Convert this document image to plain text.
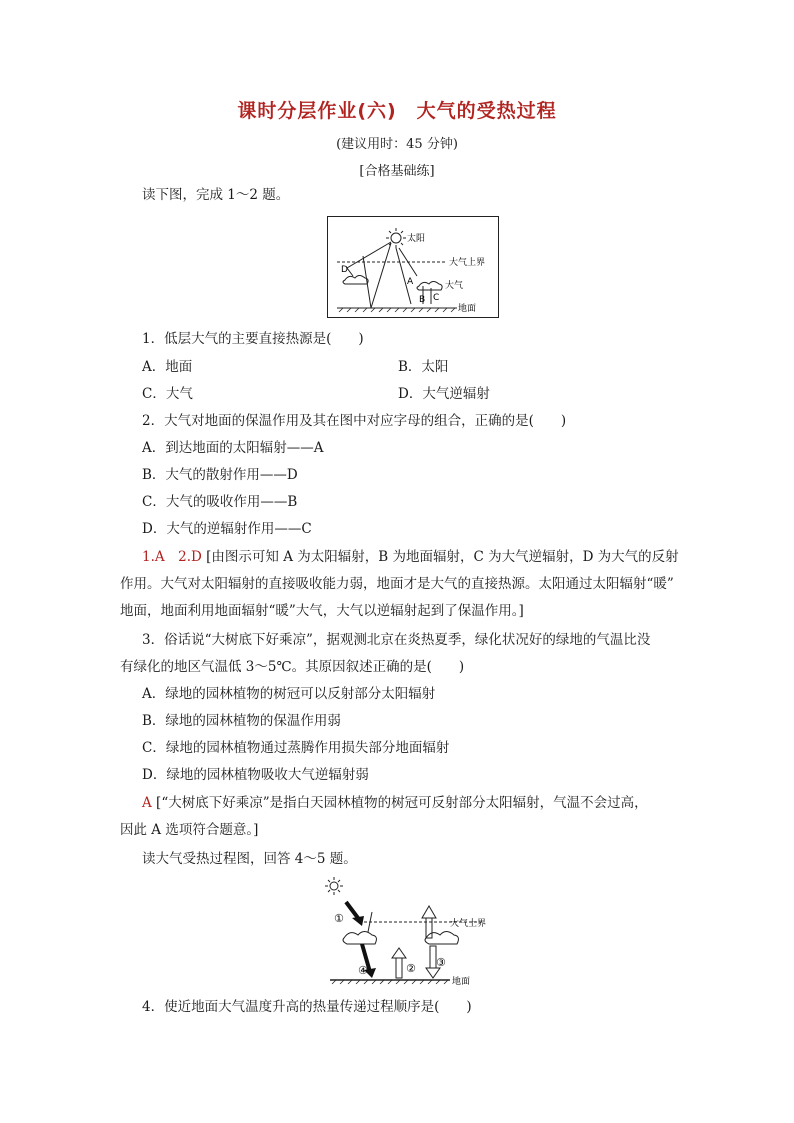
课时分层作业(六)　大气的受热过程
(建议用时：45 分钟)
[合格基础练]
读下图，完成 1～2 题。
太阳
大气上界
地面
大气
A
B C
D
1．低层大气的主要直接热源是(　　)
A．地面	B．太阳
C．大气	D．大气逆辐射
2．大气对地面的保温作用及其在图中对应字母的组合，正确的是(　　)
A．到达地面的太阳辐射——A
B．大气的散射作用——D
C．大气的吸收作用——B
D．大气的逆辐射作用——C
1.A　2.D [由图示可知 A 为太阳辐射，B 为地面辐射，C 为大气逆辐射，D 为大气的反射
作用。大气对太阳辐射的直接吸收能力弱，地面才是大气的直接热源。太阳通过太阳辐射“暖”
地面，地面利用地面辐射“暖”大气，大气以逆辐射起到了保温作用。]
3．俗话说“大树底下好乘凉”，据观测北京在炎热夏季，绿化状况好的绿地的气温比没
有绿化的地区气温低 3～5℃。其原因叙述正确的是(　　)
A．绿地的园林植物的树冠可以反射部分太阳辐射
B．绿地的园林植物的保温作用弱
C．绿地的园林植物通过蒸腾作用损失部分地面辐射
D．绿地的园林植物吸收大气逆辐射弱
A [“大树底下好乘凉”是指白天园林植物的树冠可反射部分太阳辐射，气温不会过高，
因此 A 选项符合题意。]
读大气受热过程图，回答 4～5 题。
大气上界
①
④	② ③
地面
4．使近地面大气温度升高的热量传递过程顺序是(　　)
